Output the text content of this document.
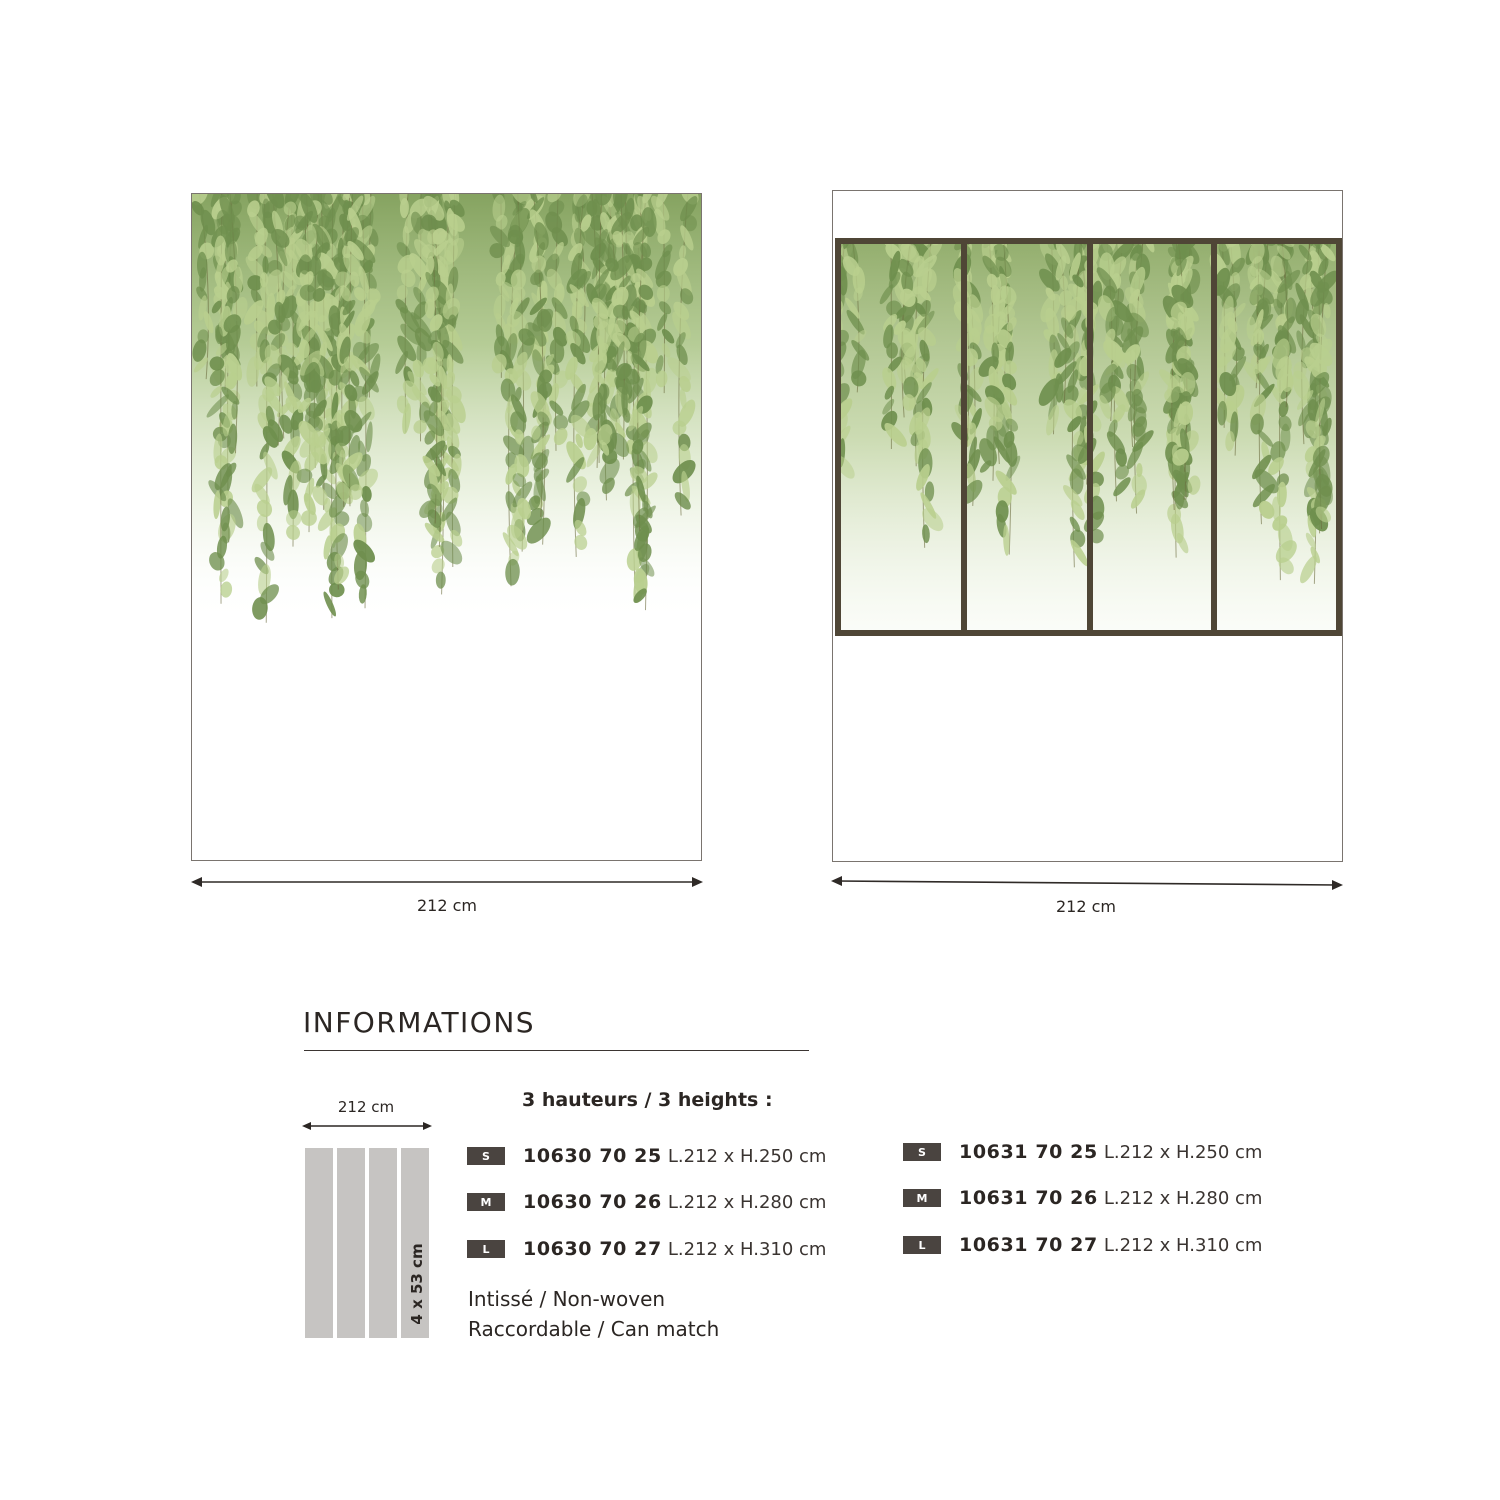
212 cm	212 cm
INFORMATIONS
212 cm
4 x 53 cm
3 hauteurs / 3 heights :
S	10630 70 25 L.212 x H.250 cm
M	10630 70 26 L.212 x H.280 cm
L	10630 70 27 L.212 x H.310 cm
S	10631 70 25 L.212 x H.250 cm
M	10631 70 26 L.212 x H.280 cm
L	10631 70 27 L.212 x H.310 cm
Intissé / Non-woven
Raccordable / Can match
